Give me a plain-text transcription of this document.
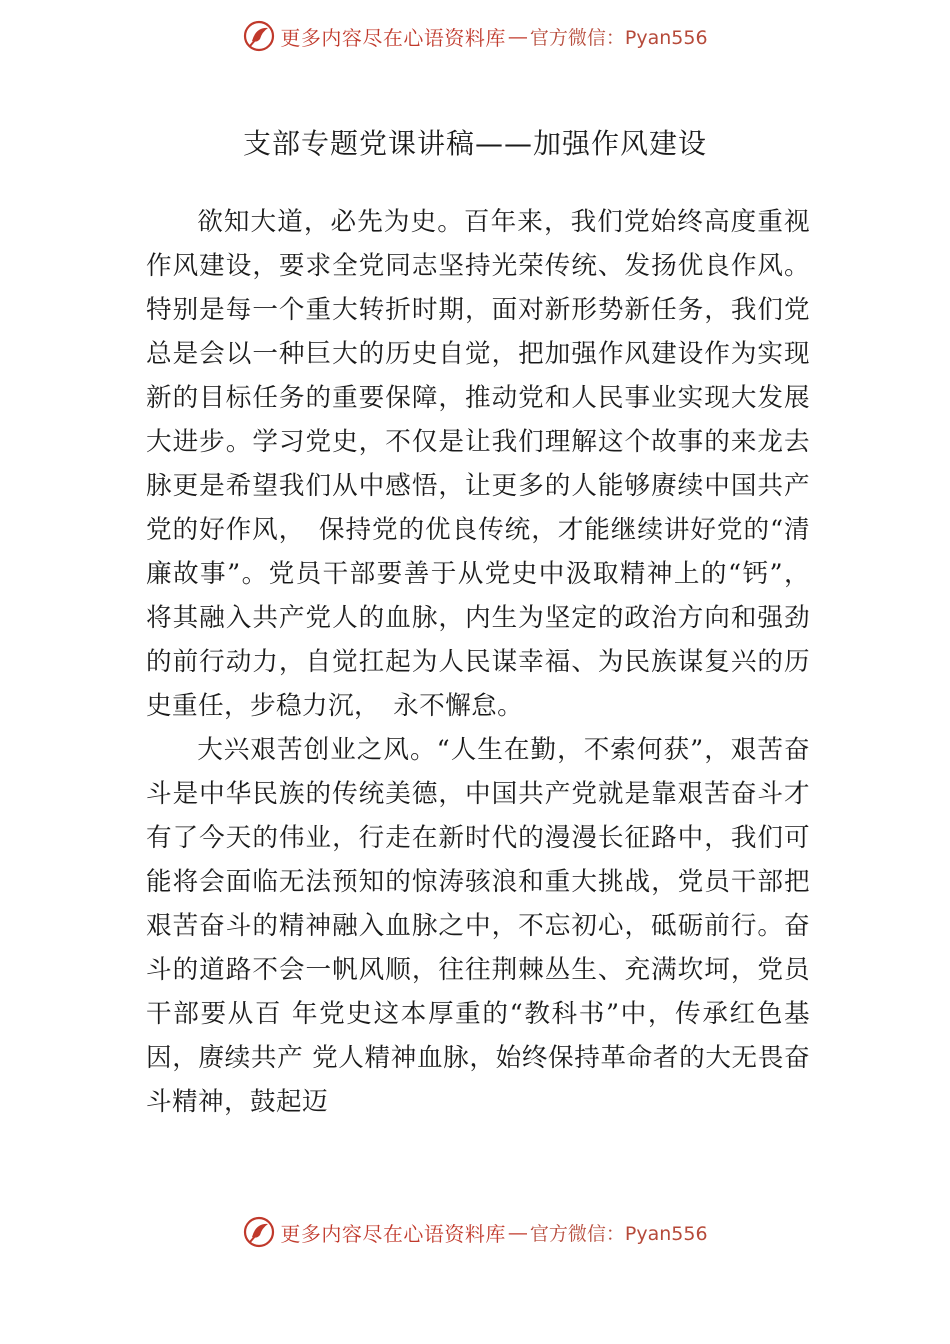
更多内容尽在心语资料库 — 官方微信：Pyan556
支部专题党课讲稿——加强作风建设

欲知大道，必先为史。百年来，我们党始终高度重视作风建设，要求全党同志坚持光荣传统、发扬优良作风。特别是每一个重大转折时期，面对新形势新任务，我们党总是会以一种巨大的历史自觉，把加强作风建设作为实现新的目标任务的重要保障，推动党和人民事业实现大发展大进步。学习党史，不仅是让我们理解这个故事的来龙去脉更是希望我们从中感悟，让更多的人能够赓续中国共产党的好作风，　保持党的优良传统，才能继续讲好党的“清廉故事”。党员干部要善于从党史中汲取精神上的“钙”，将其融入共产党人的血脉，内生为坚定的政治方向和强劲的前行动力，自觉扛起为人民谋幸福、为民族谋复兴的历史重任，步稳力沉，　永不懈怠。

大兴艰苦创业之风。“人生在勤，不索何获”，艰苦奋斗是中华民族的传统美德，中国共产党就是靠艰苦奋斗才有了今天的伟业，行走在新时代的漫漫长征路中，我们可能将会面临无法预知的惊涛骇浪和重大挑战，党员干部把艰苦奋斗的精神融入血脉之中，不忘初心，砥砺前行。奋斗的道路不会一帆风顺，往往荆棘丛生、充满坎坷，党员干部要从百 年党史这本厚重的“教科书”中，传承红色基因，赓续共产 党人精神血脉，始终保持革命者的大无畏奋斗精神，鼓起迈

更多内容尽在心语资料库 — 官方微信：Pyan556
